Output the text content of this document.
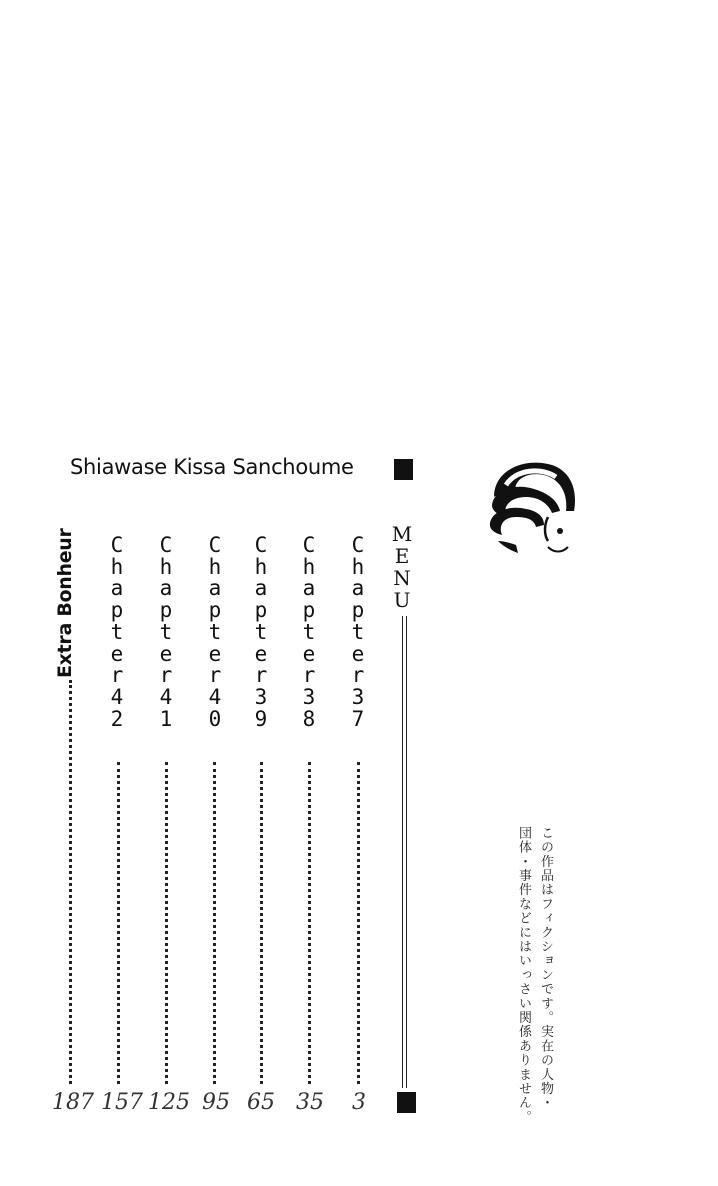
Shiawase Kissa Sanchoume
MENU
Chapter 37
3
Chapter 38
35
Chapter 39
65
Chapter 40
95
Chapter 41
125
Chapter 42
157
Extra Bonheur
187	この作品はフィクションです。実在の人物・
団体・事件などにはいっさい関係ありません。
